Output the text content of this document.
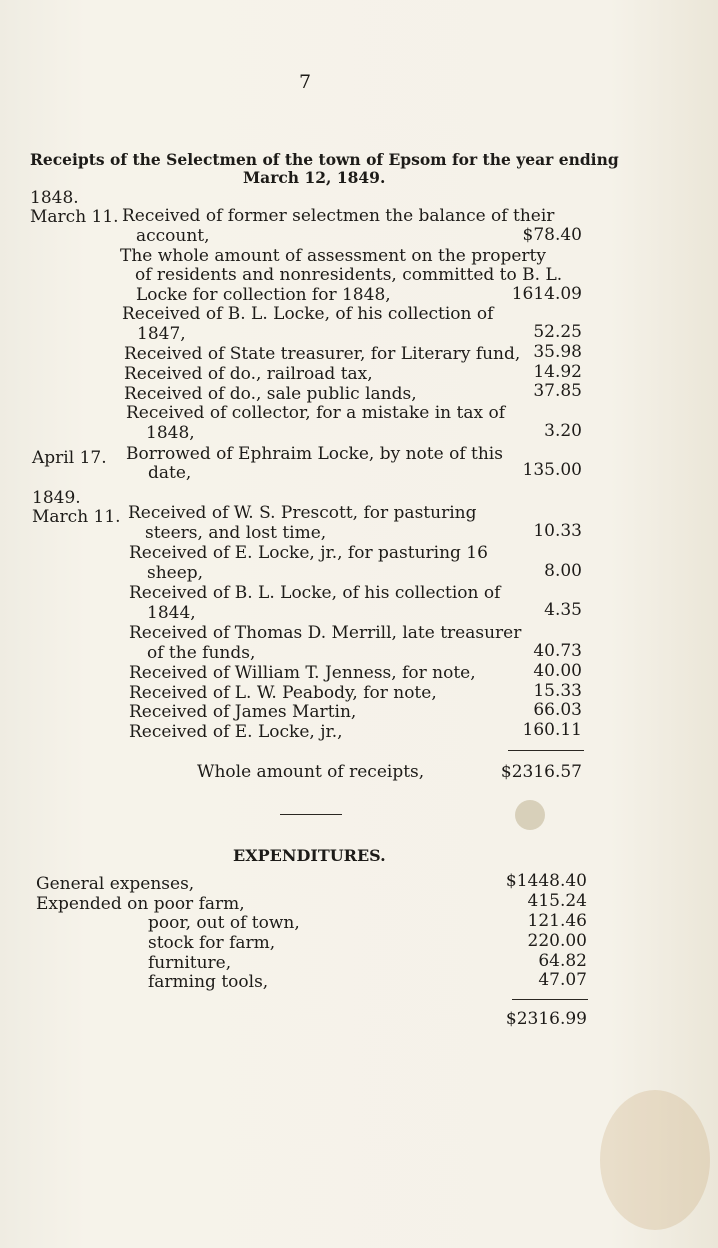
7
Receipts of the Selectmen of the town of Epsom for the year ending
March 12, 1849.
1848.
March 11.
April 17.
1849.
March 11.
Received of former selectmen the balance of their
account,
The whole amount of assessment on the property
of residents and nonresidents, committed to B. L.
Locke for collection for 1848,
Received of B. L. Locke, of his collection of
1847,
Received of State treasurer, for Literary fund,
Received of do., railroad tax,
Received of do., sale public lands,
Received of collector, for a mistake in tax of
1848,
Borrowed of Ephraim Locke, by note of this
date,
Received of W. S. Prescott, for pasturing
steers, and lost time,
Received of E. Locke, jr., for pasturing 16
sheep,
Received of B. L. Locke, of his collection of
1844,
Received of Thomas D. Merrill, late treasurer
of the funds,
Received of William T. Jenness, for note,
Received of L. W. Peabody, for note,
Received of James Martin,
Received of E. Locke, jr.,
$78.40
1614.09
52.25
35.98
14.92
37.85
3.20
135.00
10.33
8.00
4.35
40.73
40.00
15.33
66.03
160.11
Whole amount of receipts,	$2316.57
EXPENDITURES.
General expenses,
Expended on poor farm,
poor, out of town,
stock for farm,
furniture,
farming tools,
$1448.40
415.24
121.46
220.00
64.82
47.07
$2316.99
